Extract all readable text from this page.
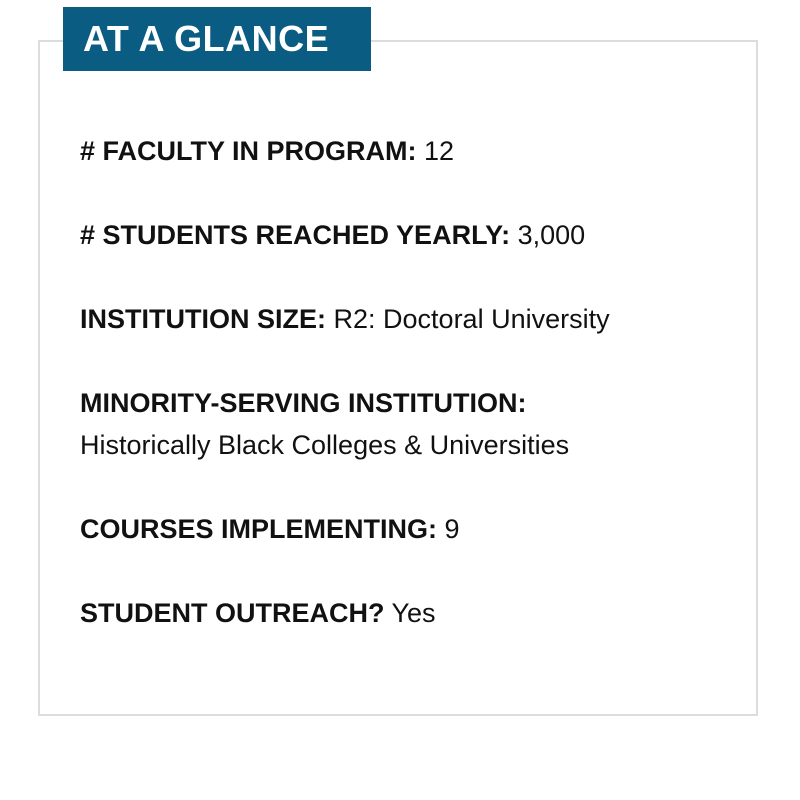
AT A GLANCE
# FACULTY IN PROGRAM: 12
# STUDENTS REACHED YEARLY: 3,000
INSTITUTION SIZE: R2: Doctoral University
MINORITY-SERVING INSTITUTION:
Historically Black Colleges & Universities
COURSES IMPLEMENTING: 9
STUDENT OUTREACH? Yes
